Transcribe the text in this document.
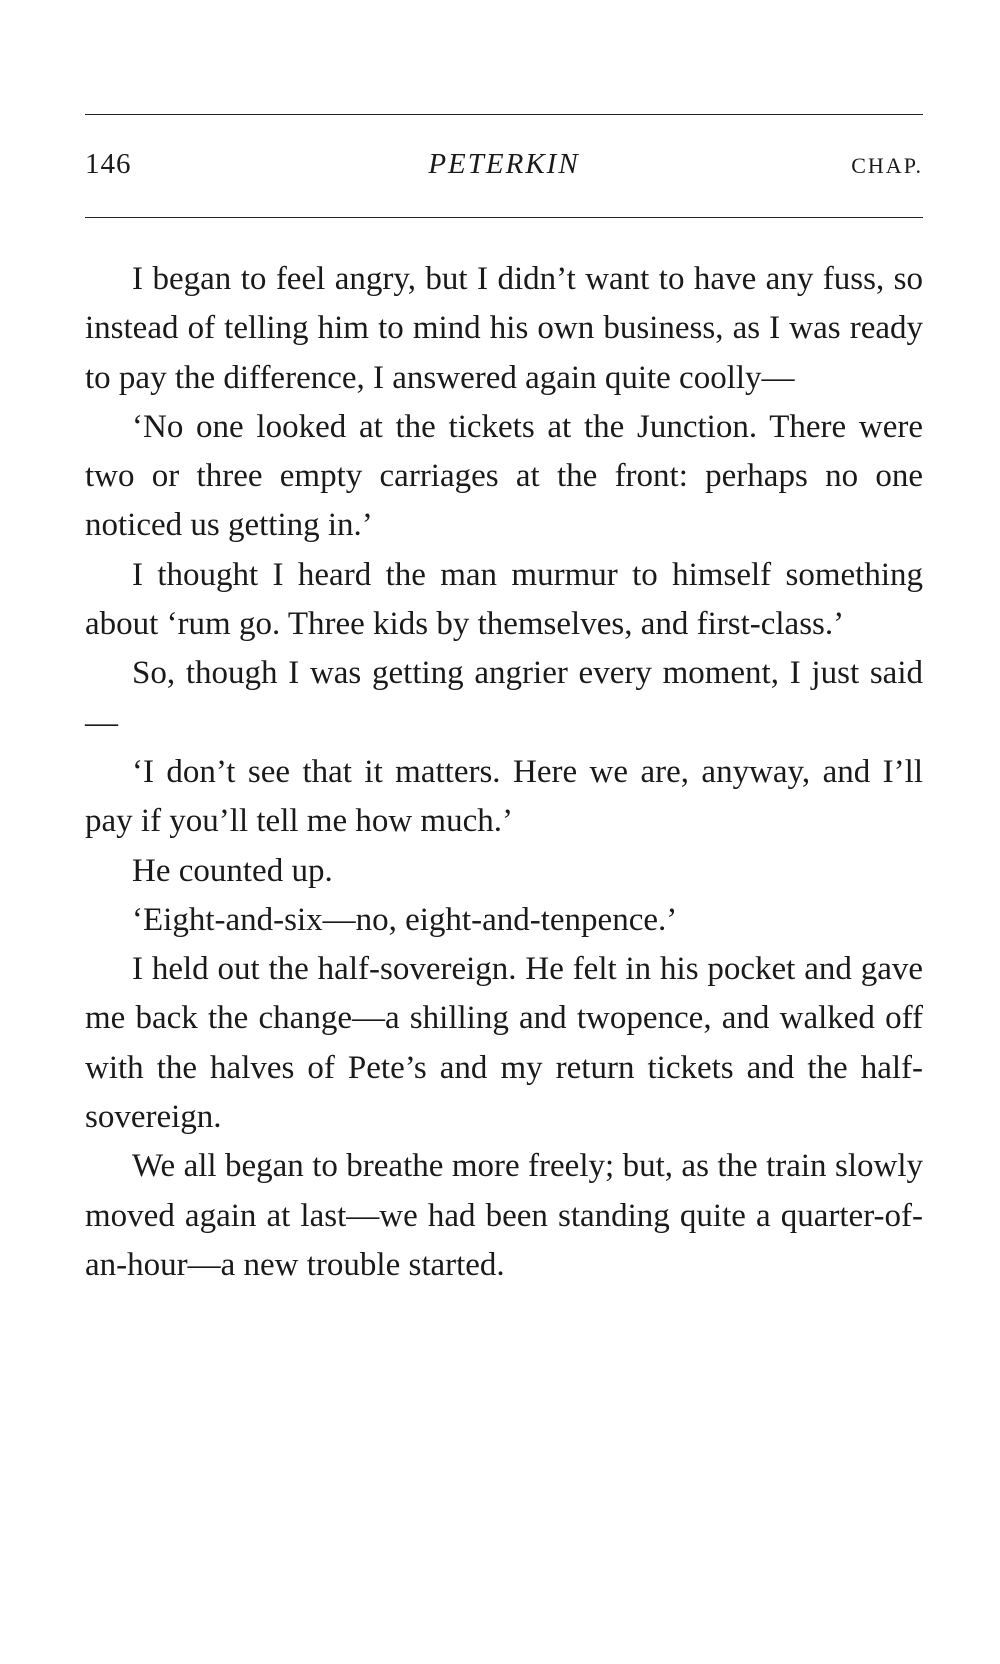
146	PETERKIN	CHAP.

I began to feel angry, but I didn’t want to have any fuss, so instead of telling him to mind his own business, as I was ready to pay the difference, I answered again quite coolly—

‘No one looked at the tickets at the Junction. There were two or three empty carriages at the front: perhaps no one noticed us getting in.’

I thought I heard the man murmur to himself something about ‘rum go. Three kids by themselves, and first-class.’

So, though I was getting angrier every moment, I just said—

‘I don’t see that it matters. Here we are, anyway, and I’ll pay if you’ll tell me how much.’

He counted up.

‘Eight-and-six—no, eight-and-tenpence.’

I held out the half-sovereign. He felt in his pocket and gave me back the change—a shilling and twopence, and walked off with the halves of Pete’s and my return tickets and the half-sovereign.

We all began to breathe more freely; but, as the train slowly moved again at last—we had been standing quite a quarter-of-an-hour—a new trouble started.
